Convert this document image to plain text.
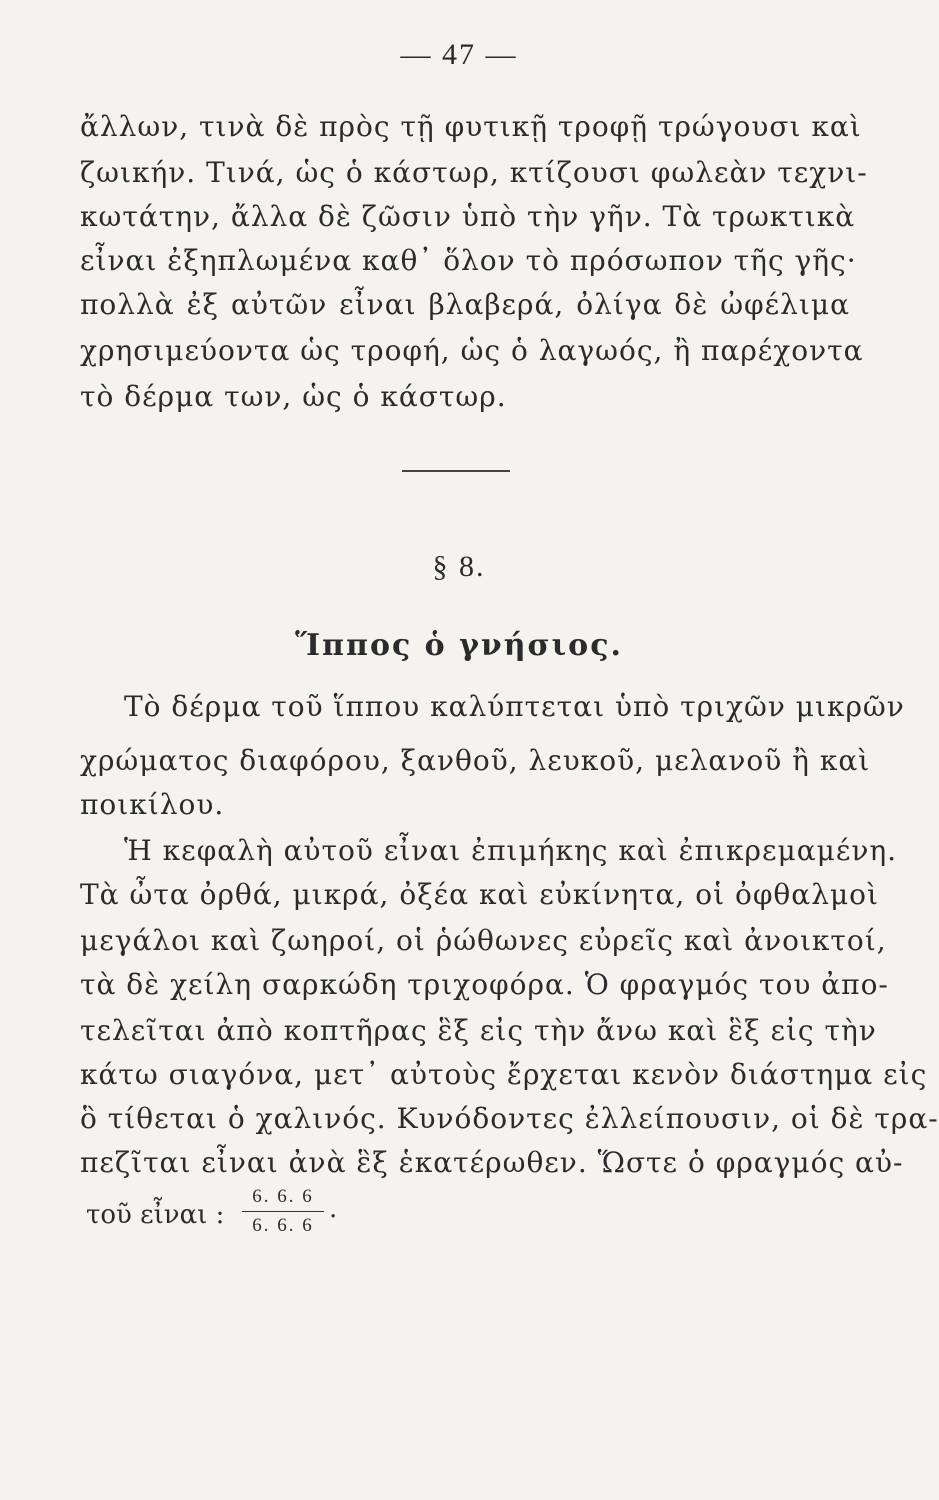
— 47 —
ἄλλων, τινὰ δὲ πρὸς τῇ φυτικῇ τροφῇ τρώγουσι καὶ
ζωικήν. Τινά, ὡς ὁ κάστωρ, κτίζουσι φωλεὰν τεχνι-
κωτάτην, ἄλλα δὲ ζῶσιν ὑπὸ τὴν γῆν. Τὰ τρωκτικὰ
εἶναι ἐξηπλωμένα καθ᾽ ὅλον τὸ πρόσωπον τῆς γῆς·
πολλὰ ἐξ αὐτῶν εἶναι βλαβερά, ὀλίγα δὲ ὠφέλιμα
χρησιμεύοντα ὡς τροφή, ὡς ὁ λαγωός, ἢ παρέχοντα
τὸ δέρμα των, ὡς ὁ κάστωρ.
§ 8.
Ἵππος ὁ γνήσιος.
Τὸ δέρμα τοῦ ἵππου καλύπτεται ὑπὸ τριχῶν μικρῶν
χρώματος διαφόρου, ξανθοῦ, λευκοῦ, μελανοῦ ἢ καὶ
ποικίλου.
Ἡ κεφαλὴ αὐτοῦ εἶναι ἐπιμήκης καὶ ἐπικρεμαμένη.
Τὰ ὦτα ὀρθά, μικρά, ὀξέα καὶ εὐκίνητα, οἱ ὀφθαλμοὶ
μεγάλοι καὶ ζωηροί, οἱ ῥώθωνες εὐρεῖς καὶ ἀνοικτοί,
τὰ δὲ χείλη σαρκώδη τριχοφόρα. Ὁ φραγμός του ἀπο-
τελεῖται ἀπὸ κοπτῆρας ἓξ εἰς τὴν ἄνω καὶ ἓξ εἰς τὴν
κάτω σιαγόνα, μετ᾽ αὐτοὺς ἔρχεται κενὸν διάστημα εἰς
ὃ τίθεται ὁ χαλινός. Κυνόδοντες ἐλλείπουσιν, οἱ δὲ τρα-
πεζῖται εἶναι ἀνὰ ἓξ ἑκατέρωθεν. Ὥστε ὁ φραγμός αὐ-
τοῦ εἶναι : $\frac{6. 6. 6}{6. 6. 6}$ ·
